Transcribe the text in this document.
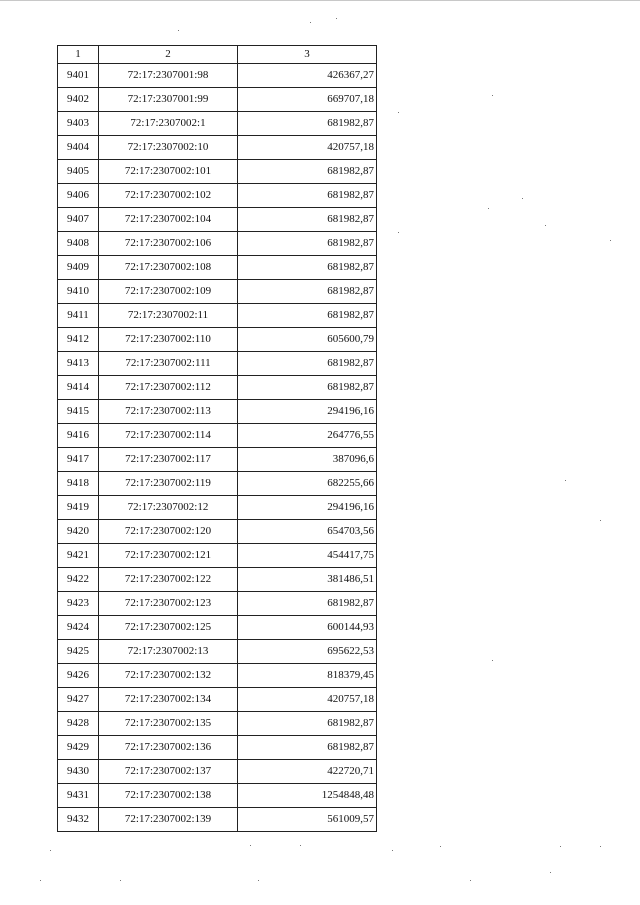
1	2	3
9401	72:17:2307001:98	426367,27
9402	72:17:2307001:99	669707,18
9403	72:17:2307002:1	681982,87
9404	72:17:2307002:10	420757,18
9405	72:17:2307002:101	681982,87
9406	72:17:2307002:102	681982,87
9407	72:17:2307002:104	681982,87
9408	72:17:2307002:106	681982,87
9409	72:17:2307002:108	681982,87
9410	72:17:2307002:109	681982,87
9411	72:17:2307002:11	681982,87
9412	72:17:2307002:110	605600,79
9413	72:17:2307002:111	681982,87
9414	72:17:2307002:112	681982,87
9415	72:17:2307002:113	294196,16
9416	72:17:2307002:114	264776,55
9417	72:17:2307002:117	387096,6
9418	72:17:2307002:119	682255,66
9419	72:17:2307002:12	294196,16
9420	72:17:2307002:120	654703,56
9421	72:17:2307002:121	454417,75
9422	72:17:2307002:122	381486,51
9423	72:17:2307002:123	681982,87
9424	72:17:2307002:125	600144,93
9425	72:17:2307002:13	695622,53
9426	72:17:2307002:132	818379,45
9427	72:17:2307002:134	420757,18
9428	72:17:2307002:135	681982,87
9429	72:17:2307002:136	681982,87
9430	72:17:2307002:137	422720,71
9431	72:17:2307002:138	1254848,48
9432	72:17:2307002:139	561009,57
